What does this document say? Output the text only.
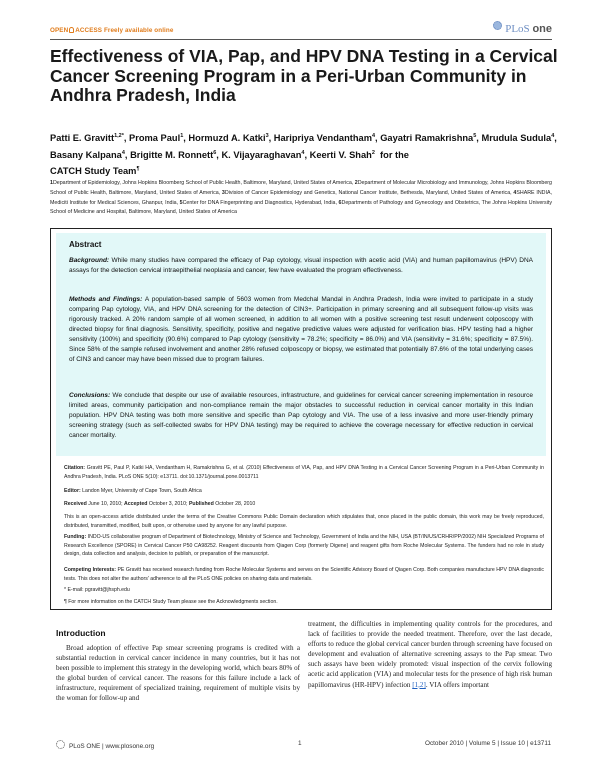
OPEN ACCESS Freely available online	PLoS one
Effectiveness of VIA, Pap, and HPV DNA Testing in a Cervical Cancer Screening Program in a Peri-Urban Community in Andhra Pradesh, India
Patti E. Gravitt$^{1,2*}$, Proma Paul$^1$, Hormuzd A. Katki$^3$, Haripriya Vendantham$^4$, Gayatri Ramakrishna$^5$, Mrudula Sudula$^4$, Basany Kalpana$^4$, Brigitte M. Ronnett$^6$, K. Vijayaraghavan$^4$, Keerti V. Shah$^2$ for the
CATCH Study Team¶
1Department of Epidemiology, Johns Hopkins Bloomberg School of Public Health, Baltimore, Maryland, United States of America, 2Department of Molecular Microbiology and Immunology, Johns Hopkins Bloomberg School of Public Health, Baltimore, Maryland, United States of America, 3Division of Cancer Epidemiology and Genetics, National Cancer Institute, Bethesda, Maryland, United States of America, 4SHARE INDIA, Mediciti Institute for Medical Sciences, Ghanpur, India, 5Center for DNA Fingerprinting and Diagnostics, Hyderabad, India, 6Departments of Pathology and Gynecology and Obstetrics, The Johns Hopkins University School of Medicine and Hospital, Baltimore, Maryland, United States of America
Abstract
Background: While many studies have compared the efficacy of Pap cytology, visual inspection with acetic acid (VIA) and human papillomavirus (HPV) DNA assays for the detection cervical intraepithelial neoplasia and cancer, few have evaluated the program effectiveness.
Methods and Findings: A population-based sample of 5603 women from Medchal Mandal in Andhra Pradesh, India were invited to participate in a study comparing Pap cytology, VIA, and HPV DNA screening for the detection of CIN3+. Participation in primary screening and all subsequent follow-up visits was rigorously tracked. A 20% random sample of all women screened, in addition to all women with a positive screening test result underwent colposcopy with directed biopsy for final diagnosis. Sensitivity, specificity, positive and negative predictive values were adjusted for verification bias. HPV testing had a higher sensitivity (100%) and specificity (90.6%) compared to Pap cytology (sensitivity = 78.2%; specificity = 86.0%) and VIA (sensitivity = 31.6%; specificity = 87.5%). Since 58% of the sample refused involvement and another 28% refused colposcopy or biopsy, we estimated that potentially 87.6% of the total underlying cases of CIN3 and cancer may have been missed due to program failures.
Conclusions: We conclude that despite our use of available resources, infrastructure, and guidelines for cervical cancer screening implementation in resource limited areas, community participation and non-compliance remain the major obstacles to successful reduction in cervical cancer mortality in this Indian population. HPV DNA testing was both more sensitive and specific than Pap cytology and VIA. The use of a less invasive and more user-friendly primary screening strategy (such as self-collected swabs for HPV DNA testing) may be required to achieve the coverage necessary for effective reduction in cervical cancer mortality.
Citation: Gravitt PE, Paul P, Katki HA, Vendantham H, Ramakrishna G, et al. (2010) Effectiveness of VIA, Pap, and HPV DNA Testing in a Cervical Cancer Screening Program in a Peri-Urban Community in Andhra Pradesh, India. PLoS ONE 5(10): e13711. doi:10.1371/journal.pone.0013711
Editor: Landon Myer, University of Cape Town, South Africa
Received June 10, 2010; Accepted October 3, 2010; Published October 28, 2010
This is an open-access article distributed under the terms of the Creative Commons Public Domain declaration which stipulates that, once placed in the public domain, this work may be freely reproduced, distributed, transmitted, modified, built upon, or otherwise used by anyone for any lawful purpose.
Funding: INDO-US collaborative program of Department of Biotechnology, Ministry of Science and Technology, Government of India and the NIH, USA (BT/IN/US/CRHR/PP/2002) NIH Specialized Programs of Research Excellence (SPORE) in Cervical Cancer P50 CA98252. Reagent discounts from Qiagen Corp (formerly Digene) and reagent gifts from Roche Molecular Systems. The funders had no role in study design, data collection and analysis, decision to publish, or preparation of the manuscript.
Competing Interests: PE Gravitt has received research funding from Roche Molecular Systems and serves on the Scientific Advisory Board of Qiagen Corp. Both companies manufacture HPV DNA diagnostic tests. This does not alter the authors' adherence to all the PLoS ONE policies on sharing data and materials.
* E-mail: pgravitt@jhsph.edu
¶ For more information on the CATCH Study Team please see the Acknowledgments section.
Introduction
Broad adoption of effective Pap smear screening programs is credited with a substantial reduction in cervical cancer incidence in many countries, but it has not been possible to implement this strategy in the developing world, which bears 80% of the global burden of cervical cancer. The reasons for this failure include a lack of infrastructure, requirement of specialized training, requirement of multiple visits by the woman for follow-up and
treatment, the difficulties in implementing quality controls for the procedures, and lack of facilities to provide the needed treatment. Therefore, over the last decade, efforts to reduce the global cervical cancer burden through screening have focused on development and evaluation of alternative screening assays to the Pap smear. Two such assays have been widely promoted: visual inspection of the cervix following acetic acid application (VIA) and molecular tests for the presence of high risk human papillomavirus (HR-HPV) infection [1,2]. VIA offers important
PLoS ONE | www.plosone.org	1	October 2010 | Volume 5 | Issue 10 | e13711
